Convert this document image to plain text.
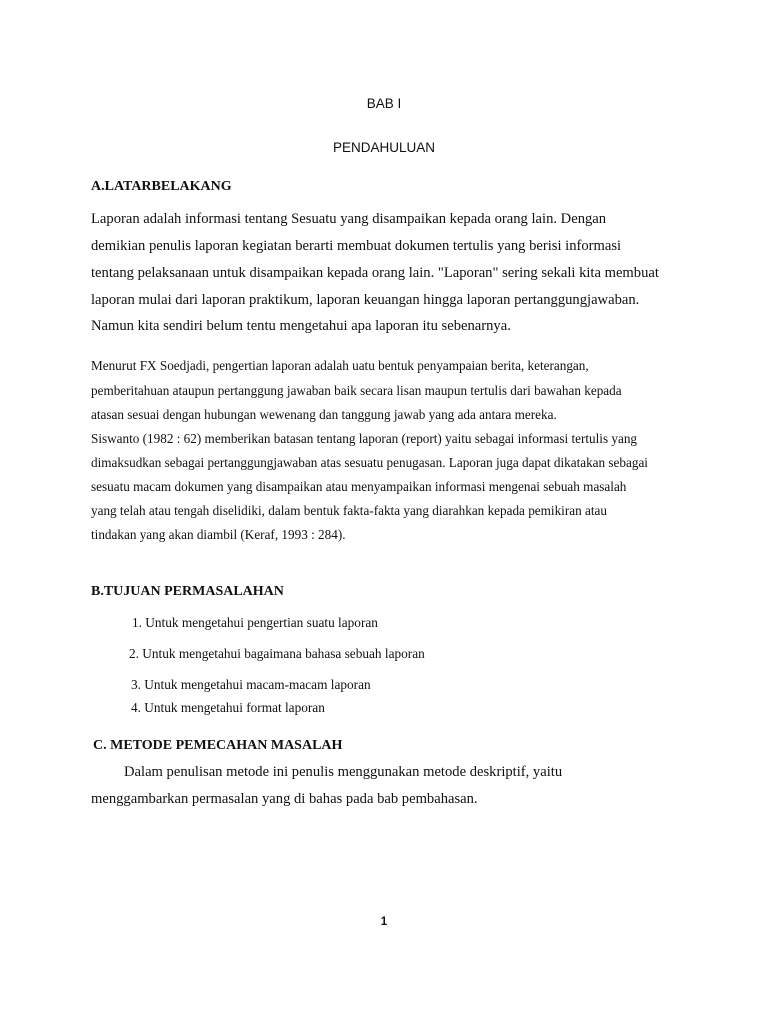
BAB I
PENDAHULUAN
A.LATARBELAKANG
Laporan adalah informasi tentang Sesuatu yang disampaikan kepada orang lain. Dengan
demikian penulis laporan kegiatan berarti membuat dokumen tertulis yang berisi informasi
tentang pelaksanaan untuk disampaikan kepada orang lain. "Laporan" sering sekali kita membuat
laporan mulai dari laporan praktikum, laporan keuangan hingga laporan pertanggungjawaban.
Namun kita sendiri belum tentu mengetahui apa laporan itu sebenarnya.
Menurut FX Soedjadi, pengertian laporan adalah uatu bentuk penyampaian berita, keterangan,
pemberitahuan ataupun pertanggung jawaban baik secara lisan maupun tertulis dari bawahan kepada
atasan sesuai dengan hubungan wewenang dan tanggung jawab yang ada antara mereka.
Siswanto (1982 : 62) memberikan batasan tentang laporan (report) yaitu sebagai informasi tertulis yang
dimaksudkan sebagai pertanggungjawaban atas sesuatu penugasan. Laporan juga dapat dikatakan sebagai
sesuatu macam dokumen yang disampaikan atau menyampaikan informasi mengenai sebuah masalah
yang telah atau tengah diselidiki, dalam bentuk fakta-fakta yang diarahkan kepada pemikiran atau
tindakan yang akan diambil (Keraf, 1993 : 284).
B.TUJUAN PERMASALAHAN
1. Untuk mengetahui pengertian suatu laporan
2. Untuk mengetahui bagaimana bahasa sebuah laporan
3. Untuk mengetahui macam-macam laporan
4. Untuk mengetahui format laporan
C. METODE PEMECAHAN MASALAH
Dalam penulisan metode ini penulis menggunakan metode deskriptif, yaitu
menggambarkan permasalan yang di bahas pada bab pembahasan.
1
